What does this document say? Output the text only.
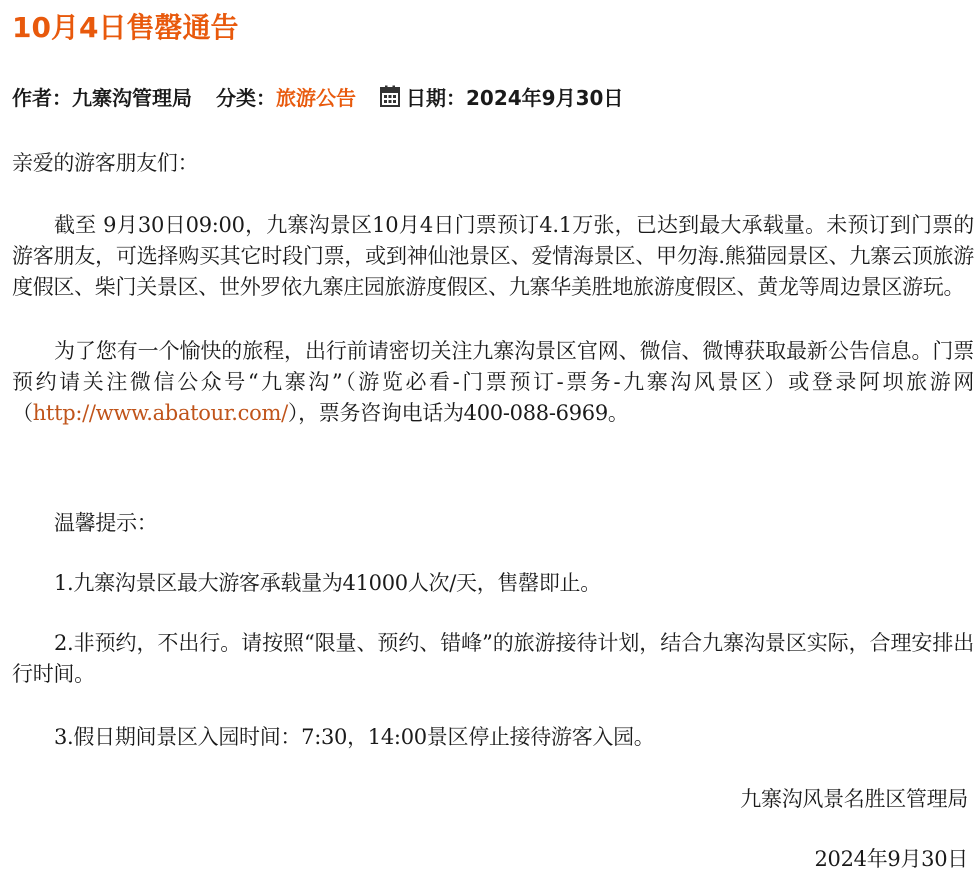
10月4日售罄通告
作者： 九寨沟管理局 分类： 旅游公告	日期： 2024年9月30日

亲爱的游客朋友们：

截至 9月30日09:00，九寨沟景区10月4日门票预订4.1万张，已达到最大承载量。未预订到门票的游客朋友，可选择购买其它时段门票，或到神仙池景区、爱情海景区、甲勿海.熊猫园景区、九寨云顶旅游度假区、柴门关景区、世外罗依九寨庄园旅游度假区、九寨华美胜地旅游度假区、黄龙等周边景区游玩。

为了您有一个愉快的旅程，出行前请密切关注九寨沟景区官网、微信、微博获取最新公告信息。门票预约请关注微信公众号“九寨沟”（游览必看-门票预订-票务-九寨沟风景区）或登录阿坝旅游网（http://www.abatour.com/），票务咨询电话为400-088-6969。

温馨提示：

1.九寨沟景区最大游客承载量为41000人次/天，售罄即止。

2.非预约，不出行。请按照“限量、预约、错峰”的旅游接待计划，结合九寨沟景区实际，合理安排出行时间。

3.假日期间景区入园时间：7:30，14:00景区停止接待游客入园。

九寨沟风景名胜区管理局

2024年9月30日
